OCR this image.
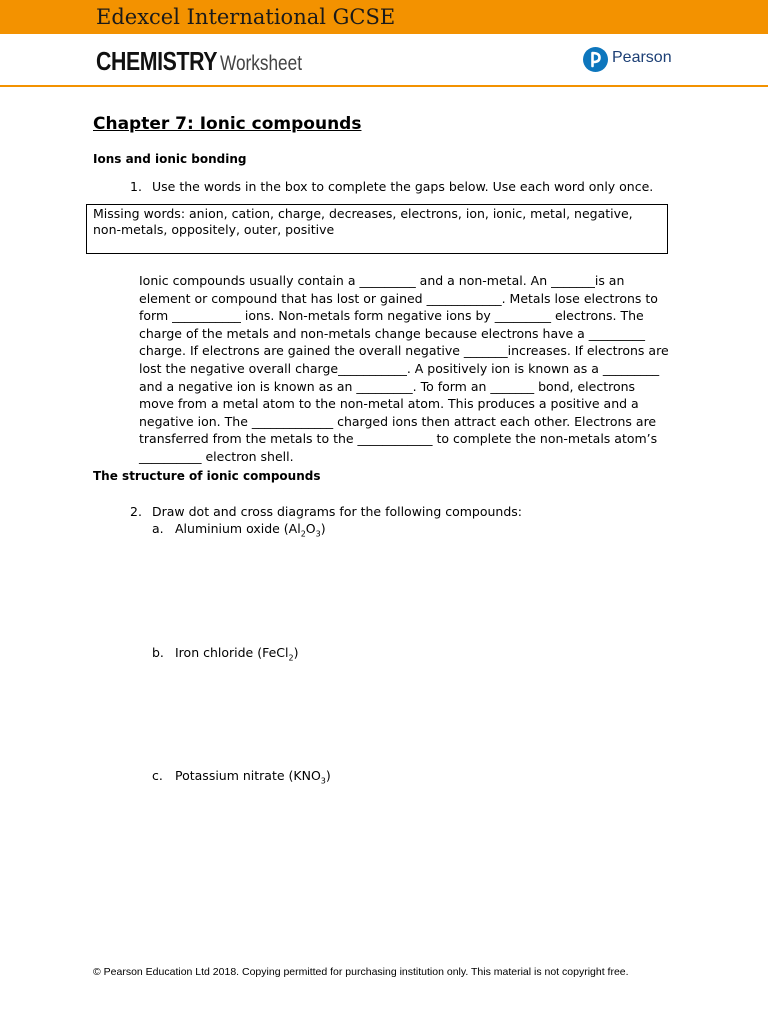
Edexcel International GCSE
CHEMISTRY Worksheet	Pearson
Chapter 7: Ionic compounds
Ions and ionic bonding
1. Use the words in the box to complete the gaps below. Use each word only once.
Missing words: anion, cation, charge, decreases, electrons, ion, ionic, metal, negative, non-metals, oppositely, outer, positive

Ionic compounds usually contain a _________ and a non-metal. An _______is an element or compound that has lost or gained ____________. Metals lose electrons to form ___________ ions. Non-metals form negative ions by _________ electrons. The charge of the metals and non-metals change because electrons have a _________ charge. If electrons are gained the overall negative _______increases. If electrons are lost the negative overall charge___________. A positively ion is known as a _________ and a negative ion is known as an _________. To form an _______ bond, electrons move from a metal atom to the non-metal atom. This produces a positive and a negative ion. The _____________ charged ions then attract each other. Electrons are transferred from the metals to the ____________ to complete the non-metals atom’s __________ electron shell.

The structure of ionic compounds
2. Draw dot and cross diagrams for the following compounds:
a. Aluminium oxide $(Al_2O_3)$
b. Iron chloride (FeCl$_2$)
c. Potassium nitrate $(KNO_3)$
© Pearson Education Ltd 2018. Copying permitted for purchasing institution only. This material is not copyright free.
